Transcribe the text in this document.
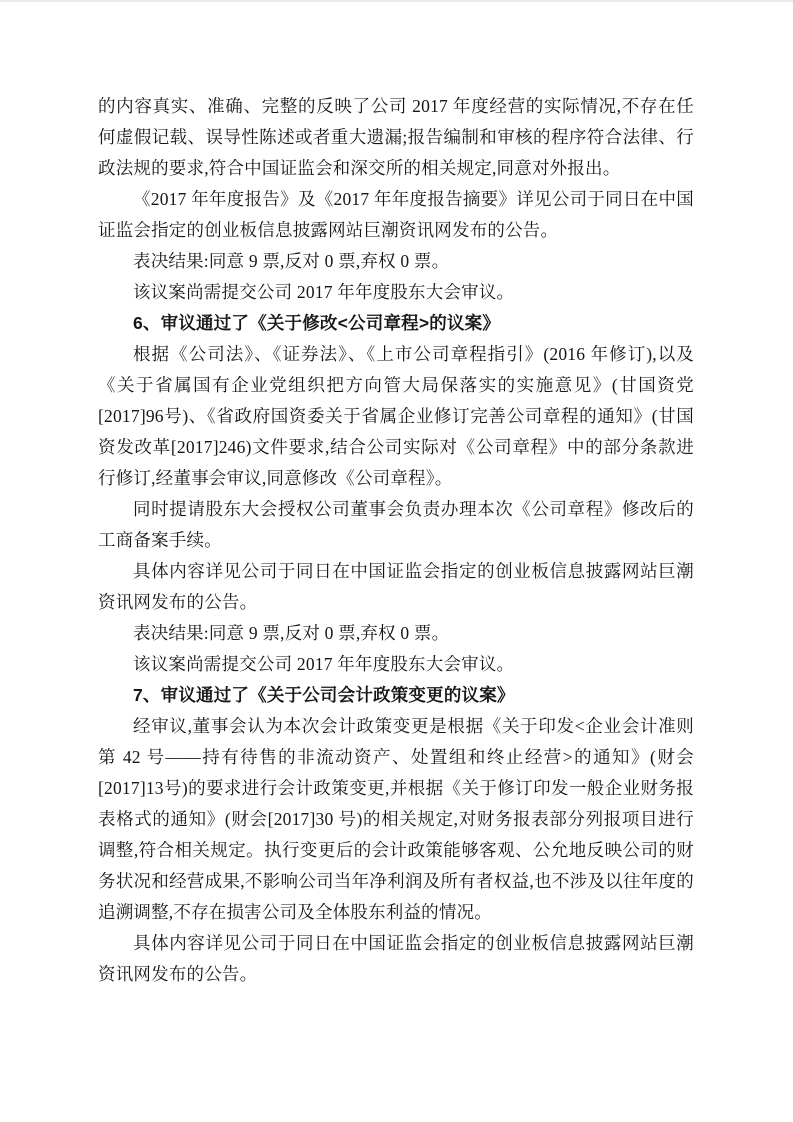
的内容真实、准确、完整的反映了公司 2017 年度经营的实际情况,不存在任何虚假记载、误导性陈述或者重大遗漏;报告编制和审核的程序符合法律、行政法规的要求,符合中国证监会和深交所的相关规定,同意对外报出。

《2017 年年度报告》及《2017 年年度报告摘要》详见公司于同日在中国证监会指定的创业板信息披露网站巨潮资讯网发布的公告。

表决结果:同意 9 票,反对 0 票,弃权 0 票。

该议案尚需提交公司 2017 年年度股东大会审议。

6、审议通过了《关于修改<公司章程>的议案》

根据《公司法》、《证券法》、《上市公司章程指引》(2016 年修订),以及《关于省属国有企业党组织把方向管大局保落实的实施意见》(甘国资党[2017]96号)、《省政府国资委关于省属企业修订完善公司章程的通知》(甘国资发改革[2017]246)文件要求,结合公司实际对《公司章程》中的部分条款进行修订,经董事会审议,同意修改《公司章程》。

同时提请股东大会授权公司董事会负责办理本次《公司章程》修改后的工商备案手续。

具体内容详见公司于同日在中国证监会指定的创业板信息披露网站巨潮资讯网发布的公告。

表决结果:同意 9 票,反对 0 票,弃权 0 票。

该议案尚需提交公司 2017 年年度股东大会审议。

7、审议通过了《关于公司会计政策变更的议案》

经审议,董事会认为本次会计政策变更是根据《关于印发<企业会计准则第 42 号——持有待售的非流动资产、处置组和终止经营>的通知》(财会[2017]13号)的要求进行会计政策变更,并根据《关于修订印发一般企业财务报表格式的通知》(财会[2017]30 号)的相关规定,对财务报表部分列报项目进行调整,符合相关规定。执行变更后的会计政策能够客观、公允地反映公司的财务状况和经营成果,不影响公司当年净利润及所有者权益,也不涉及以往年度的追溯调整,不存在损害公司及全体股东利益的情况。

具体内容详见公司于同日在中国证监会指定的创业板信息披露网站巨潮资讯网发布的公告。
